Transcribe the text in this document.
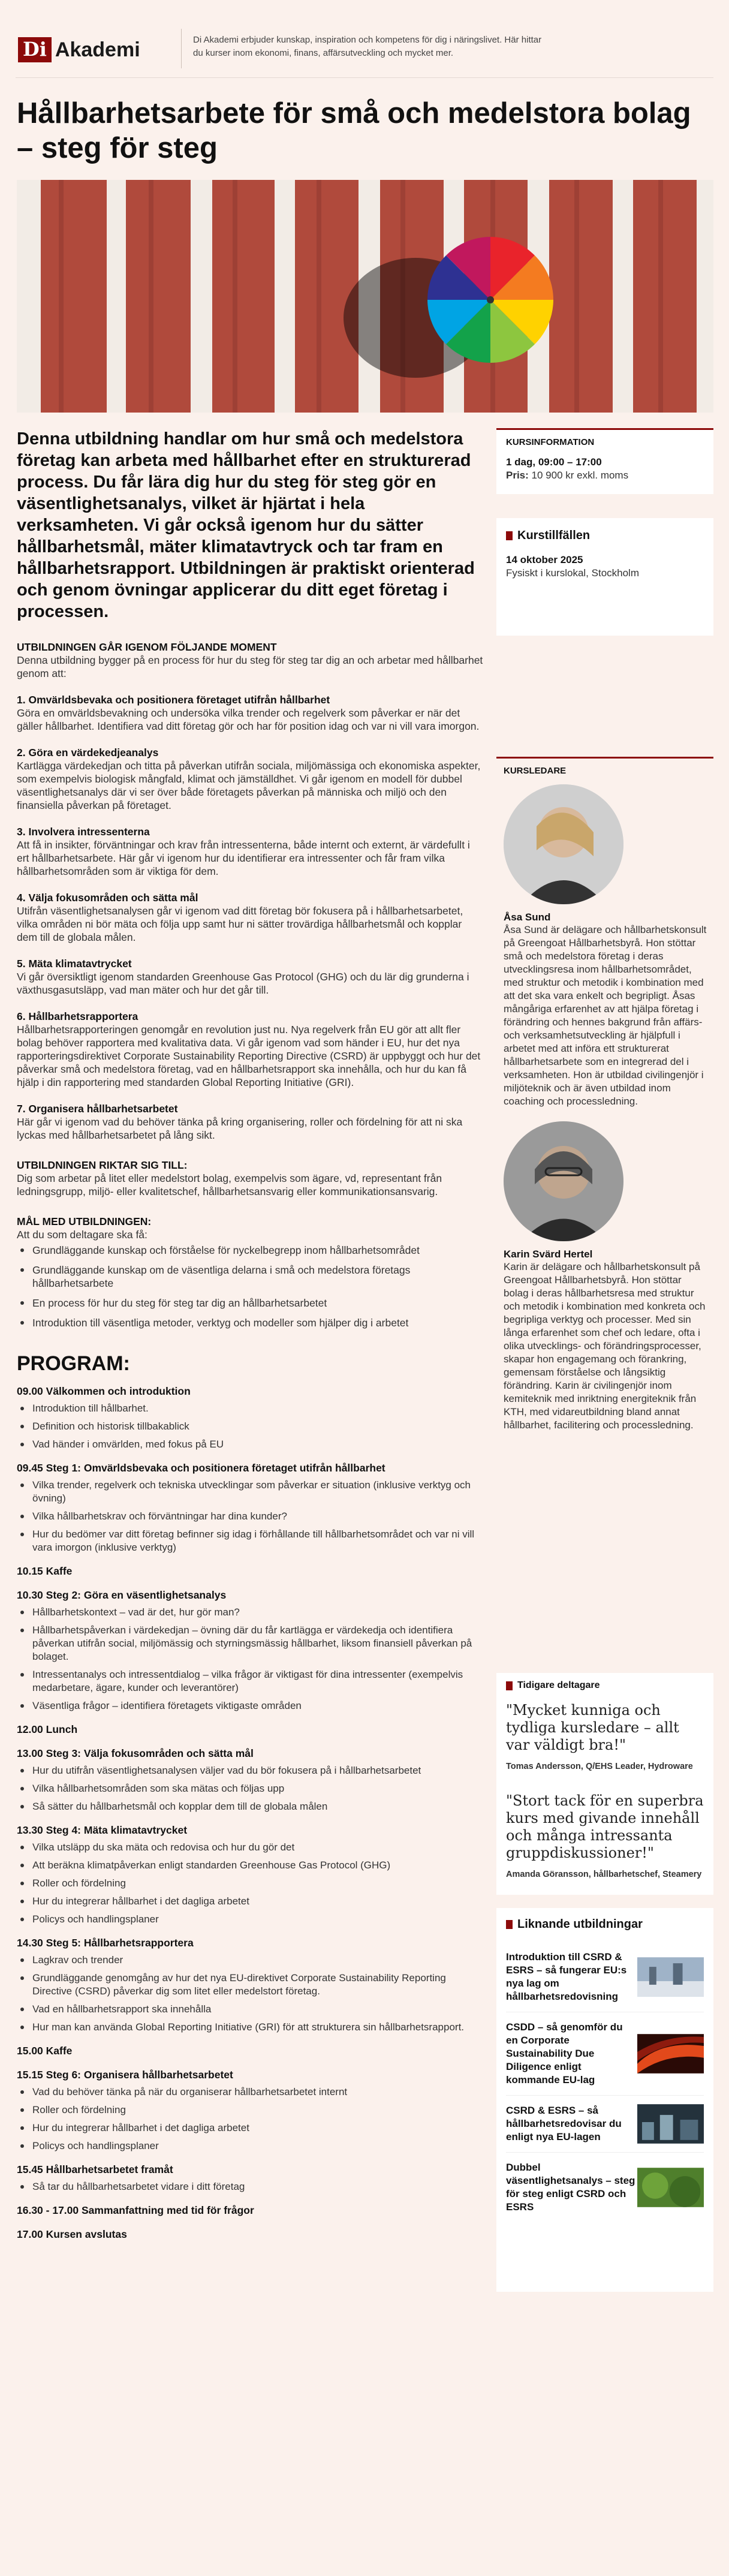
Di Akademi	Di Akademi erbjuder kunskap, inspiration och kompetens för dig i näringslivet. Här hittar du kurser inom ekonomi, finans, affärsutveckling och mycket mer.
Hållbarhetsarbete för små och medelstora bolag – steg för steg

Denna utbildning handlar om hur små och medelstora företag kan arbeta med hållbarhet efter en strukturerad process. Du får lära dig hur du steg för steg gör en väsentlighetsanalys, vilket är hjärtat i hela verksamheten. Vi går också igenom hur du sätter hållbarhetsmål, mäter klimatavtryck och tar fram en hållbarhetsrapport. Utbildningen är praktiskt orienterad och genom övningar applicerar du ditt eget företag i processen.

UTBILDNINGEN GÅR IGENOM FÖLJANDE MOMENT

Denna utbildning bygger på en process för hur du steg för steg tar dig an och arbetar med hållbarhet genom att:

1. Omvärldsbevaka och positionera företaget utifrån hållbarhet
Göra en omvärldsbevakning och undersöka vilka trender och regelverk som påverkar er när det gäller hållbarhet. Identifiera vad ditt företag gör och har för position idag och var ni vill vara imorgon.
2. Göra en värdekedjeanalys
Kartlägga värdekedjan och titta på påverkan utifrån sociala, miljömässiga och ekonomiska aspekter, som exempelvis biologisk mångfald, klimat och jämställdhet. Vi går igenom en modell för dubbel väsentlighetsanalys där vi ser över både företagets påverkan på människa och miljö och den finansiella påverkan på företaget.
3. Involvera intressenterna
Att få in insikter, förväntningar och krav från intressenterna, både internt och externt, är värdefullt i ert hållbarhetsarbete. Här går vi igenom hur du identifierar era intressenter och får fram vilka hållbarhetsområden som är viktiga för dem.
4. Välja fokusområden och sätta mål
Utifrån väsentlighetsanalysen går vi igenom vad ditt företag bör fokusera på i hållbarhetsarbetet, vilka områden ni bör mäta och följa upp samt hur ni sätter trovärdiga hållbarhetsmål och kopplar dem till de globala målen.
5. Mäta klimatavtrycket
Vi går översiktligt igenom standarden Greenhouse Gas Protocol (GHG) och du lär dig grunderna i växthusgasutsläpp, vad man mäter och hur det går till.
6. Hållbarhetsrapportera
Hållbarhetsrapporteringen genomgår en revolution just nu. Nya regelverk från EU gör att allt fler bolag behöver rapportera med kvalitativa data. Vi går igenom vad som händer i EU, hur det nya rapporteringsdirektivet Corporate Sustainability Reporting Directive (CSRD) är uppbyggt och hur det påverkar små och medelstora företag, vad en hållbarhetsrapport ska innehålla, och hur du kan få hjälp i din rapportering med standarden Global Reporting Initiative (GRI).
7. Organisera hållbarhetsarbetet
Här går vi igenom vad du behöver tänka på kring organisering, roller och fördelning för att ni ska lyckas med hållbarhetsarbetet på lång sikt.
UTBILDNINGEN RIKTAR SIG TILL:

Dig som arbetar på litet eller medelstort bolag, exempelvis som ägare, vd, representant från ledningsgrupp, miljö- eller kvalitetschef, hållbarhetsansvarig eller kommunikationsansvarig.

MÅL MED UTBILDNINGEN:

Att du som deltagare ska få:

Grundläggande kunskap och förståelse för nyckelbegrepp inom hållbarhetsområdet
Grundläggande kunskap om de väsentliga delarna i små och medelstora företags hållbarhetsarbete
En process för hur du steg för steg tar dig an hållbarhetsarbetet
Introduktion till väsentliga metoder, verktyg och modeller som hjälper dig i arbetet
PROGRAM:

09.00 Välkommen och introduktion

Introduktion till hållbarhet.
Definition och historisk tillbakablick
Vad händer i omvärlden, med fokus på EU

09.45 Steg 1: Omvärldsbevaka och positionera företaget utifrån hållbarhet

Vilka trender, regelverk och tekniska utvecklingar som påverkar er situation (inklusive verktyg och övning)
Vilka hållbarhetskrav och förväntningar har dina kunder?
Hur du bedömer var ditt företag befinner sig idag i förhållande till hållbarhetsområdet och var ni vill vara imorgon (inklusive verktyg)

10.15 Kaffe

10.30 Steg 2: Göra en väsentlighetsanalys

Hållbarhetskontext – vad är det, hur gör man?
Hållbarhetspåverkan i värdekedjan – övning där du får kartlägga er värdekedja och identifiera påverkan utifrån social, miljömässig och styrningsmässig hållbarhet, liksom finansiell påverkan på bolaget.
Intressentanalys och intressentdialog – vilka frågor är viktigast för dina intressenter (exempelvis medarbetare, ägare, kunder och leverantörer)
Väsentliga frågor – identifiera företagets viktigaste områden

12.00 Lunch

13.00 Steg 3: Välja fokusområden och sätta mål

Hur du utifrån väsentlighetsanalysen väljer vad du bör fokusera på i hållbarhetsarbetet
Vilka hållbarhetsområden som ska mätas och följas upp
Så sätter du hållbarhetsmål och kopplar dem till de globala målen

13.30 Steg 4: Mäta klimatavtrycket

Vilka utsläpp du ska mäta och redovisa och hur du gör det
Att beräkna klimatpåverkan enligt standarden Greenhouse Gas Protocol (GHG)
Roller och fördelning
Hur du integrerar hållbarhet i det dagliga arbetet
Policys och handlingsplaner

14.30 Steg 5: Hållbarhetsrapportera

Lagkrav och trender
Grundläggande genomgång av hur det nya EU-direktivet Corporate Sustainability Reporting Directive (CSRD) påverkar dig som litet eller medelstort företag.
Vad en hållbarhetsrapport ska innehålla
Hur man kan använda Global Reporting Initiative (GRI) för att strukturera sin hållbarhetsrapport.

15.00 Kaffe

15.15 Steg 6: Organisera hållbarhetsarbetet

Vad du behöver tänka på när du organiserar hållbarhetsarbetet internt
Roller och fördelning
Hur du integrerar hållbarhet i det dagliga arbetet
Policys och handlingsplaner

15.45 Hållbarhetsarbetet framåt

Så tar du hållbarhetsarbetet vidare i ditt företag

16.30 - 17.00 Sammanfattning med tid för frågor

17.00 Kursen avslutas

KURSINFORMATION

1 dag, 09:00 – 17:00

Pris: 10 900 kr exkl. moms

Kurstillfällen

14 oktober 2025

Fysiskt i kurslokal, Stockholm

KURSLEDARE

Åsa Sund

Åsa Sund är delägare och hållbarhetskonsult på Greengoat Hållbarhetsbyrå. Hon stöttar små och medelstora företag i deras utvecklingsresa inom hållbarhetsområdet, med struktur och metodik i kombination med att det ska vara enkelt och begripligt. Åsas mångåriga erfarenhet av att hjälpa företag i förändring och hennes bakgrund från affärs- och verksamhetsutveckling är hjälpfull i arbetet med att införa ett strukturerat hållbarhetsarbete som en integrerad del i verksamheten. Hon är utbildad civilingenjör i miljöteknik och är även utbildad inom coaching och processledning.

Karin Svärd Hertel

Karin är delägare och hållbarhetskonsult på Greengoat Hållbarhetsbyrå. Hon stöttar bolag i deras hållbarhetsresa med struktur och metodik i kombination med konkreta och begripliga verktyg och processer. Med sin långa erfarenhet som chef och ledare, ofta i olika utvecklings- och förändringsprocesser, skapar hon engagemang och förankring, gemensam förståelse och långsiktig förändring. Karin är civilingenjör inom kemiteknik med inriktning energiteknik från KTH, med vidareutbildning bland annat hållbarhet, facilitering och processledning.

Tidigare deltagare

"Mycket kunniga och tydliga kursledare – allt var väldigt bra!"

Tomas Andersson, Q/EHS Leader, Hydroware

"Stort tack för en superbra kurs med givande innehåll och många intressanta gruppdiskussioner!"

Amanda Göransson, hållbarhetschef, Steamery

Liknande utbildningar
Introduktion till CSRD & ESRS – så fungerar EU:s nya lag om hållbarhetsredovisning
CSDD – så genomför du en Corporate Sustainability Due Diligence enligt kommande EU-lag
CSRD & ESRS – så hållbarhetsredovisar du enligt nya EU-lagen
Dubbel väsentlighetsanalys – steg för steg enligt CSRD och ESRS
